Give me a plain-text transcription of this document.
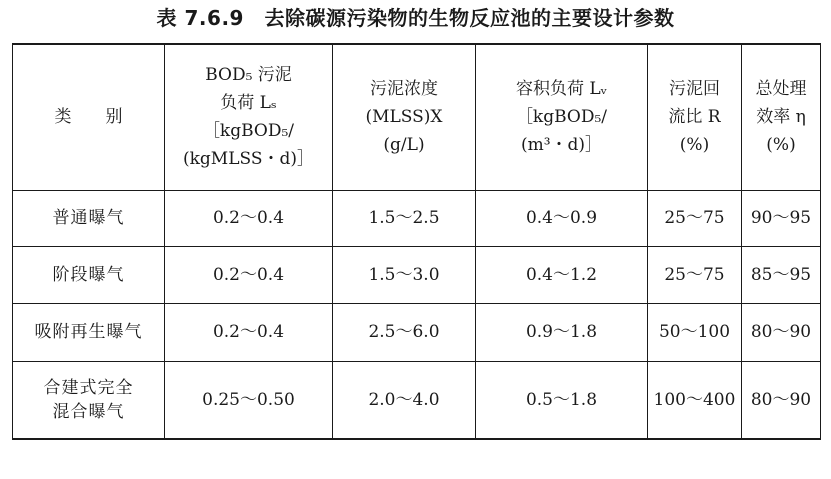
表 7.6.9　去除碳源污染物的生物反应池的主要设计参数
类 别	BOD₅ 污泥
负荷 Lₛ
［kgBOD₅/
(kgMLSS・d)］	污泥浓度
(MLSS)X
(g/L)	容积负荷 Lᵥ
［kgBOD₅/
(m³・d)］	污泥回
流比 R
(%)	总处理
效率 η
(%)

普通曝气	0.2～0.4	1.5～2.5	0.4～0.9	25～75	90～95
阶段曝气	0.2～0.4	1.5～3.0	0.4～1.2	25～75	85～95
吸附再生曝气	0.2～0.4	2.5～6.0	0.9～1.8	50～100	80～90

合建式完全
混合曝气	0.25～0.50	2.0～4.0	0.5～1.8	100～400	80～90
